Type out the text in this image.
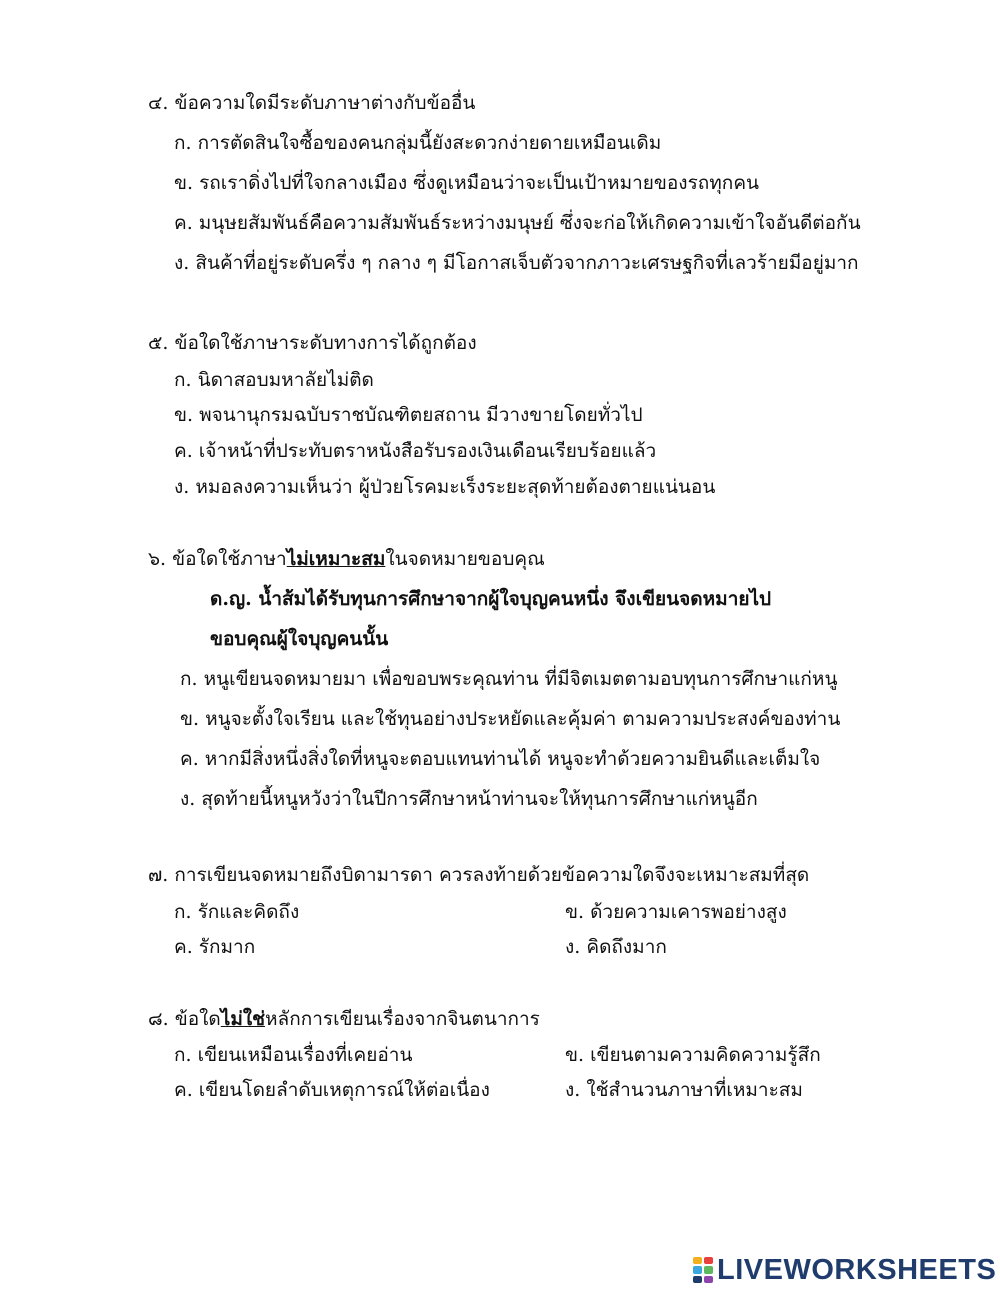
๔. ข้อความใดมีระดับภาษาต่างกับข้ออื่น
ก. การตัดสินใจซื้อของคนกลุ่มนี้ยังสะดวกง่ายดายเหมือนเดิม
ข. รถเราดิ่งไปที่ใจกลางเมือง ซึ่งดูเหมือนว่าจะเป็นเป้าหมายของรถทุกคน
ค. มนุษยสัมพันธ์คือความสัมพันธ์ระหว่างมนุษย์ ซึ่งจะก่อให้เกิดความเข้าใจอันดีต่อกัน
ง. สินค้าที่อยู่ระดับครึ่ง ๆ กลาง ๆ มีโอกาสเจ็บตัวจากภาวะเศรษฐกิจที่เลวร้ายมีอยู่มาก
๕. ข้อใดใช้ภาษาระดับทางการได้ถูกต้อง
ก. นิดาสอบมหาลัยไม่ติด
ข. พจนานุกรมฉบับราชบัณฑิตยสถาน มีวางขายโดยทั่วไป
ค. เจ้าหน้าที่ประทับตราหนังสือรับรองเงินเดือนเรียบร้อยแล้ว
ง. หมอลงความเห็นว่า ผู้ป่วยโรคมะเร็งระยะสุดท้ายต้องตายแน่นอน
๖. ข้อใดใช้ภาษาไม่เหมาะสมในจดหมายขอบคุณ
ด.ญ. น้ำส้มได้รับทุนการศึกษาจากผู้ใจบุญคนหนึ่ง จึงเขียนจดหมายไป
ขอบคุณผู้ใจบุญคนนั้น
ก. หนูเขียนจดหมายมา เพื่อขอบพระคุณท่าน ที่มีจิตเมตตามอบทุนการศึกษาแก่หนู
ข. หนูจะตั้งใจเรียน และใช้ทุนอย่างประหยัดและคุ้มค่า ตามความประสงค์ของท่าน
ค. หากมีสิ่งหนึ่งสิ่งใดที่หนูจะตอบแทนท่านได้ หนูจะทำด้วยความยินดีและเต็มใจ
ง. สุดท้ายนี้หนูหวังว่าในปีการศึกษาหน้าท่านจะให้ทุนการศึกษาแก่หนูอีก
๗. การเขียนจดหมายถึงบิดามารดา ควรลงท้ายด้วยข้อความใดจึงจะเหมาะสมที่สุด
ก. รักและคิดถึง	ข. ด้วยความเคารพอย่างสูง
ค. รักมาก	ง. คิดถึงมาก
๘. ข้อใดไม่ใช่หลักการเขียนเรื่องจากจินตนาการ
ก. เขียนเหมือนเรื่องที่เคยอ่าน	ข. เขียนตามความคิดความรู้สึก
ค. เขียนโดยลำดับเหตุการณ์ให้ต่อเนื่อง	ง. ใช้สำนวนภาษาที่เหมาะสม
LIVEWORKSHEETS
